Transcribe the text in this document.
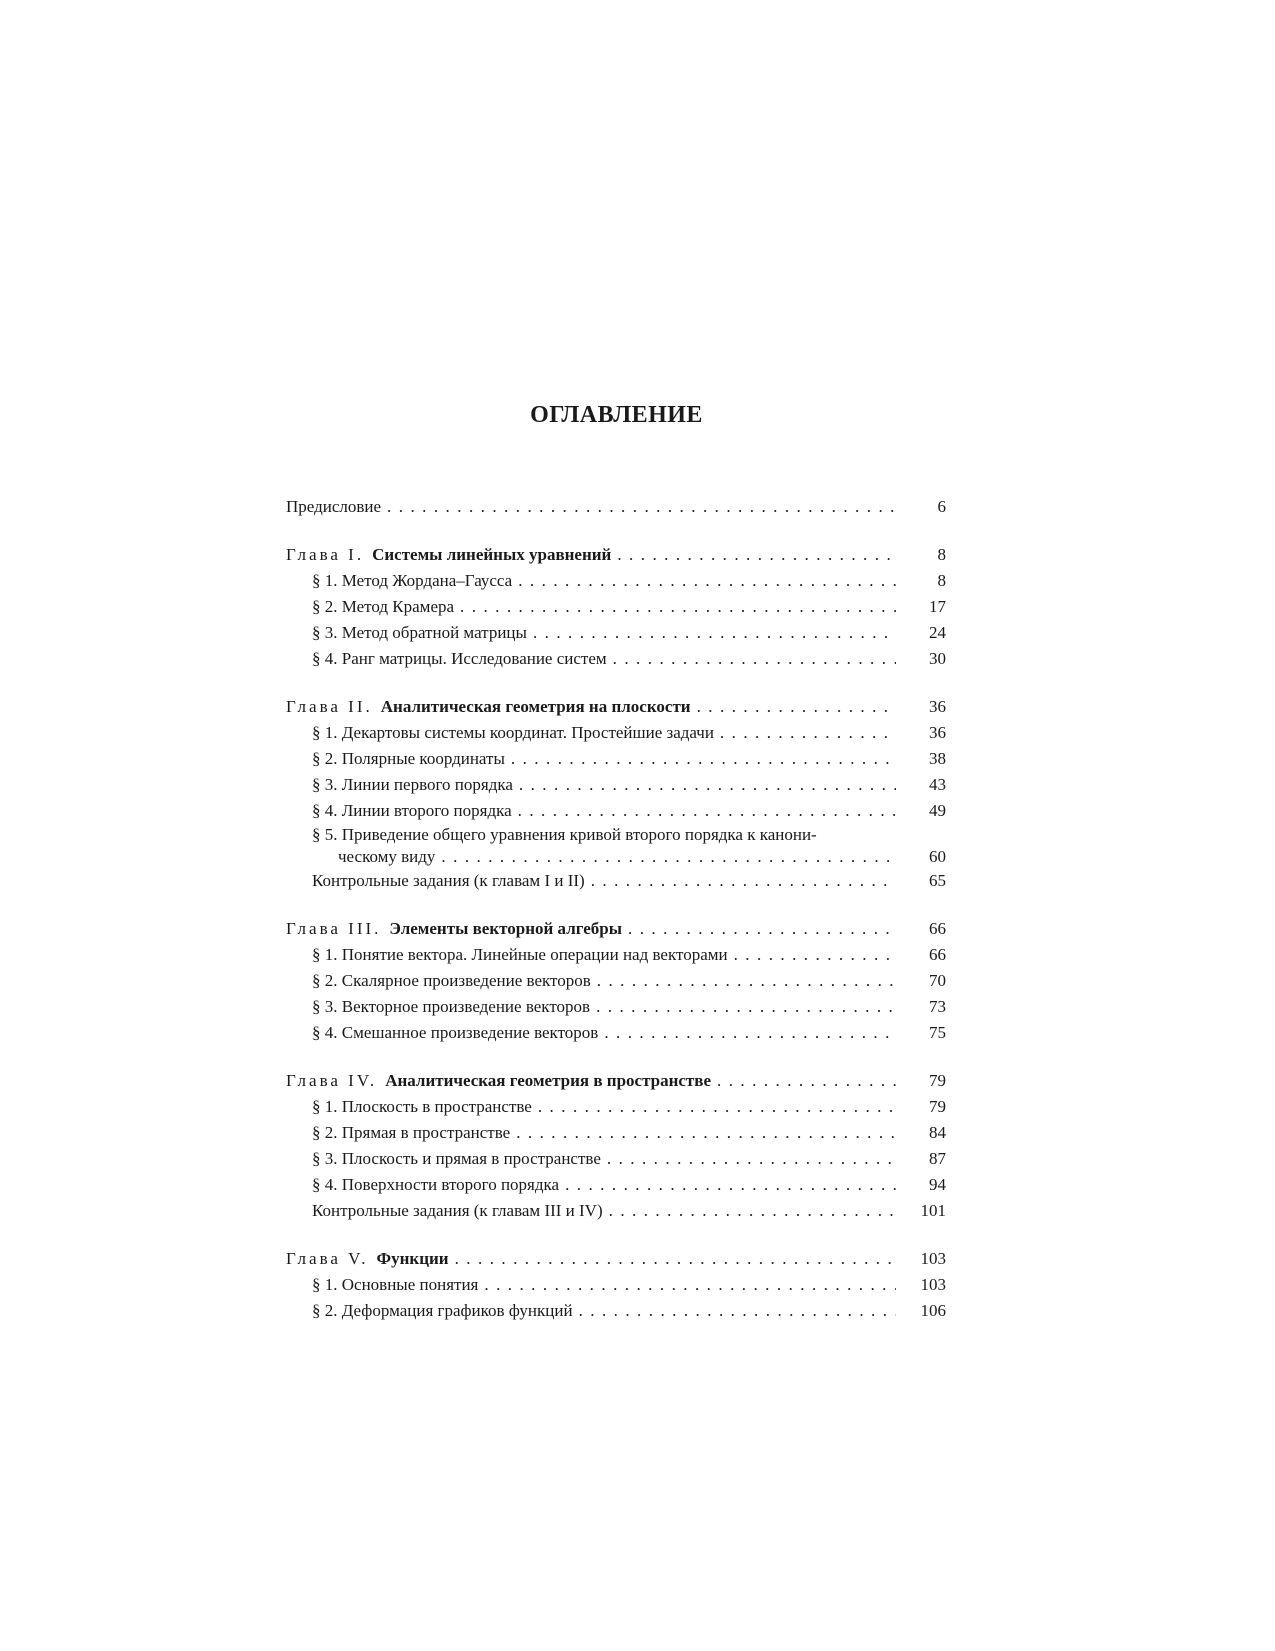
ОГЛАВЛЕНИЕ
Предисловие . . .	6
Глава I. Системы линейных уравнений . . .	8
§ 1. Метод Жордана–Гаусса . . .	8
§ 2. Метод Крамера . . .	17
§ 3. Метод обратной матрицы . . .	24
§ 4. Ранг матрицы. Исследование систем . . .	30
Глава II. Аналитическая геометрия на плоскости . . .	36
§ 1. Декартовы системы координат. Простейшие задачи . . .	36
§ 2. Полярные координаты . . .	38
§ 3. Линии первого порядка . . .	43
§ 4. Линии второго порядка . . .	49
§ 5. Приведение общего уравнения кривой второго порядка к канони-
ческому виду . . .	60
Контрольные задания (к главам I и II) . . .	65
Глава III. Элементы векторной алгебры . . .	66
§ 1. Понятие вектора. Линейные операции над векторами . . .	66
§ 2. Скалярное произведение векторов . . .	70
§ 3. Векторное произведение векторов . . .	73
§ 4. Смешанное произведение векторов . . .	75
Глава IV. Аналитическая геометрия в пространстве . . .	79
§ 1. Плоскость в пространстве . . .	79
§ 2. Прямая в пространстве . . .	84
§ 3. Плоскость и прямая в пространстве . . .	87
§ 4. Поверхности второго порядка . . .	94
Контрольные задания (к главам III и IV) . . .	101
Глава V. Функции . . .	103
§ 1. Основные понятия . . .	103
§ 2. Деформация графиков функций . . .	106
